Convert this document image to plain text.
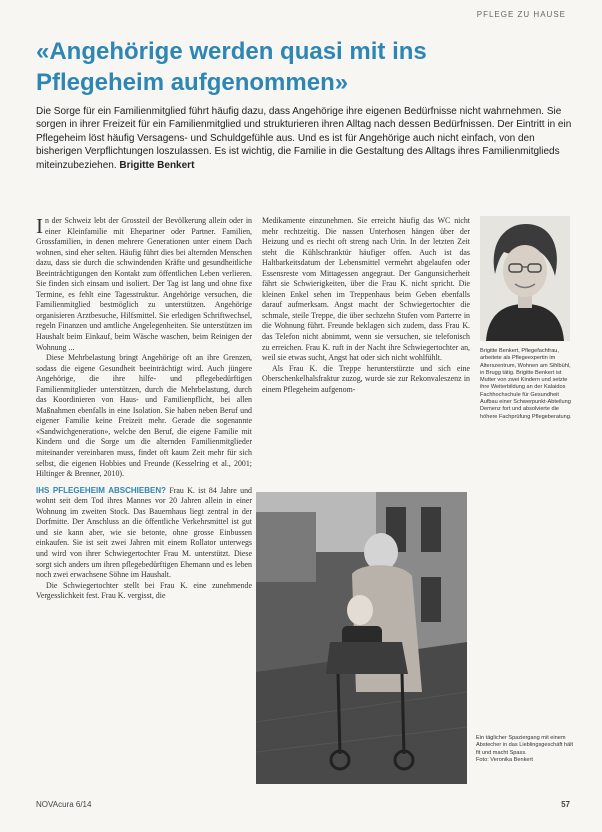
PFLEGE ZU HAUSE
«Angehörige werden quasi mit ins Pflegeheim aufgenommen»

Die Sorge für ein Familienmitglied führt häufig dazu, dass Angehörige ihre eigenen Bedürfnisse nicht wahrnehmen. Sie sorgen in ihrer Freizeit für ein Familienmitglied und strukturieren ihren Alltag nach dessen Bedürfnissen. Der Eintritt in ein Pflegeheim löst häufig Versagens- und Schuldgefühle aus. Und es ist für Angehörige auch nicht einfach, von den bisherigen Verpflichtungen loszulassen. Es ist wichtig, die Familie in die Gestaltung des Alltags ihres Familienmitglieds miteinzubeziehen. Brigitte Benkert

In der Schweiz lebt der Grossteil der Bevölkerung allein oder in einer Kleinfamilie mit Ehepartner oder Partner. Familien, Grossfamilien, in denen mehrere Generationen unter einem Dach wohnen, sind eher selten. Häufig führt dies bei alternden Menschen dazu, dass sie durch die schwindenden Kräfte und gesundheitliche Beeinträchtigungen den Kontakt zum öffentlichen Leben verlieren. Sie finden sich einsam und isoliert. Der Tag ist lang und ohne fixe Termine, es fehlt eine Tagesstruktur. Angehörige versuchen, die Familienmitglied bestmöglich zu unterstützen. Angehörige organisieren Arztbesuche, Hilfsmittel. Sie erledigen Schriftwechsel, regeln Finanzen und amtliche Angelegenheiten. Sie unterstützen im Haushalt beim Einkauf, beim Wäsche waschen, beim Reinigen der Wohnung ...

Diese Mehrbelastung bringt Angehörige oft an ihre Grenzen, sodass die eigene Gesundheit beeinträchtigt wird. Auch jüngere Angehörige, die ihre hilfe- und pflegebedürftigen Familienmitglieder unterstützen, durch die Mehrbelastung, durch das Koordinieren von Haus- und Familienpflicht, bei allen Maßnahmen ebenfalls in eine Isolation. Sie haben neben Beruf und eigener Familie keine Freizeit mehr. Gerade die sogenannte «Sandwichgeneration», welche den Beruf, die eigene Familie mit Kindern und die Sorge um die alternden Familienmitglieder miteinander vereinbaren muss, findet oft kaum Zeit mehr für sich selbst, die eigenen Hobbies und Freunde (Kesselring et al., 2001; Hiltinger & Brenner, 2010).

IHS PFLEGEHEIM ABSCHIEBEN? Frau K. ist 84 Jahre und wohnt seit dem Tod ihres Mannes vor 20 Jahren allein in einer Wohnung im zweiten Stock. Das Bauernhaus liegt zentral in der Dorfmitte. Der Anschluss an die öffentliche Verkehrsmittel ist gut und sie kann aber, wie sie betonte, ohne grosse Einbussen einkaufen. Sie ist seit zwei Jahren mit einem Rollator unterwegs und wird von ihrer Schwiegertochter Frau M. unterstützt. Diese sorgt sich anders um ihren pflegebedürftigen Ehemann und es leben noch zwei erwachsene Söhne im Haushalt.

Die Schwiegertochter stellt bei Frau K. eine zunehmende Vergesslichkeit fest. Frau K. vergisst, die

Medikamente einzunehmen. Sie erreicht häufig das WC nicht mehr rechtzeitig. Die nassen Unterhosen hängen über der Heizung und es riecht oft streng nach Urin. In der letzten Zeit steht die Kühlschranktür häufiger offen. Auch ist das Haltbarkeitsdatum der Lebensmittel vermehrt abgelaufen oder Essensreste vom Mittagessen angegraut. Der Gangunsicherheit fährt sie Schwierigkeiten, über die Frau K. nicht spricht. Die kleinen Enkel sehen im Treppenhaus beim Geben ebenfalls darauf aufmerksam. Angst macht der Schwiegertochter die schmale, steile Treppe, die über sechzehn Stufen vom Parterre in die Wohnung führt. Freunde beklagen sich zudem, dass Frau K. das Telefon nicht abnimmt, wenn sie versuchen, sie telefonisch zu erreichen. Frau K. ruft in der Nacht ihre Schwiegertochter an, weil sie etwas sucht, Angst hat oder sich nicht wohlfühlt.

Als Frau K. die Treppe herunterstürzte und sich eine Oberschenkelhalsfraktur zuzog, wurde sie zur Rekonvaleszenz in einem Pflegeheim aufgenom-

Brigitte Benkert, Pflegefachfrau, arbeitete als Pflegeexpertin im Alterszentrum, Wohnen am Sihlbühl, in Brugg tätig. Brigitte Benkert ist Mutter von zwei Kindern und setzte ihre Weiterbildung an der Kalaidos Fachhochschule für Gesundheit Aufbau einer Schwerpunkt-Abteilung Demenz fort und absolvierte die höhere Fachprüfung Pflegeberatung.

Ein täglicher Spaziergang mit einem Abstecher in das Lieblingsgeschäft hält fit und macht Spass.
Foto: Veronika Benkert

NOVAcura 6/14	57
